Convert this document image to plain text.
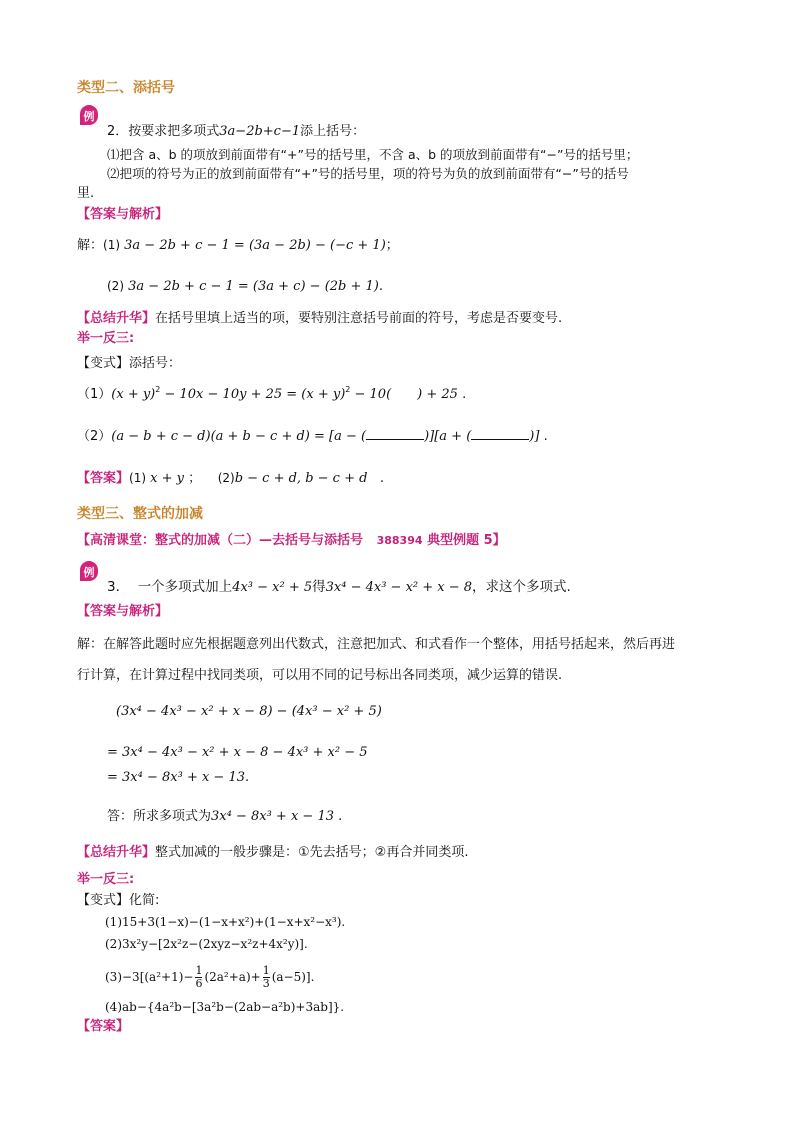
类型二、添括号
例
2．按要求把多项式3a−2b+c−1添上括号：
⑴把含 a、b 的项放到前面带有“+”号的括号里，不含 a、b 的项放到前面带有“−”号的括号里；
⑵把项的符号为正的放到前面带有“+”号的括号里，项的符号为负的放到前面带有“−”号的括号
里.
【答案与解析】
解：(1) 3a − 2b + c − 1 = (3a − 2b) − (−c + 1)；
(2) 3a − 2b + c − 1 = (3a + c) − (2b + 1).
【总结升华】在括号里填上适当的项，要特别注意括号前面的符号，考虑是否要变号.
举一反三:
【变式】添括号：
$(1)(x + y)^2 - 10x - 10y + 25 = (x + y)^2 - 10$( ) + 25 .
（2）(a − b + c − d)(a + b − c + d) = [a − (	)][a + (	)] .
【答案】(1) x + y ； (2)b − c + d, b − c + d .
类型三、整式的加减
【高清课堂：整式的加减（二）—去括号与添括号 388394 典型例题 5】
例
3． 一个多项式加上4x³ − x² + 5得3x⁴ − 4x³ − x² + x − 8，求这个多项式.
【答案与解析】
解：在解答此题时应先根据题意列出代数式，注意把加式、和式看作一个整体，用括号括起来，然后再进
行计算，在计算过程中找同类项，可以用不同的记号标出各同类项，减少运算的错误.
(3x⁴ − 4x³ − x² + x − 8) − (4x³ − x² + 5)
= 3x⁴ − 4x³ − x² + x − 8 − 4x³ + x² − 5
= 3x⁴ − 8x³ + x − 13.
答：所求多项式为3x⁴ − 8x³ + x − 13 .
【总结升华】整式加减的一般步骤是：①先去括号；②再合并同类项.
举一反三:
【变式】化简:
(1)15+3(1−x)−(1−x+x²)+(1−x+x²−x³).
(2)3x²y−[2x²z−(2xyz−x²z+4x²y)].
$(3)-3[(a^2+1)- \frac{1}{6} (2a^2+a)+ \frac{1}{3} (a-5)]$.
(4)ab−{4a²b−[3a²b−(2ab−a²b)+3ab]}.
【答案】
